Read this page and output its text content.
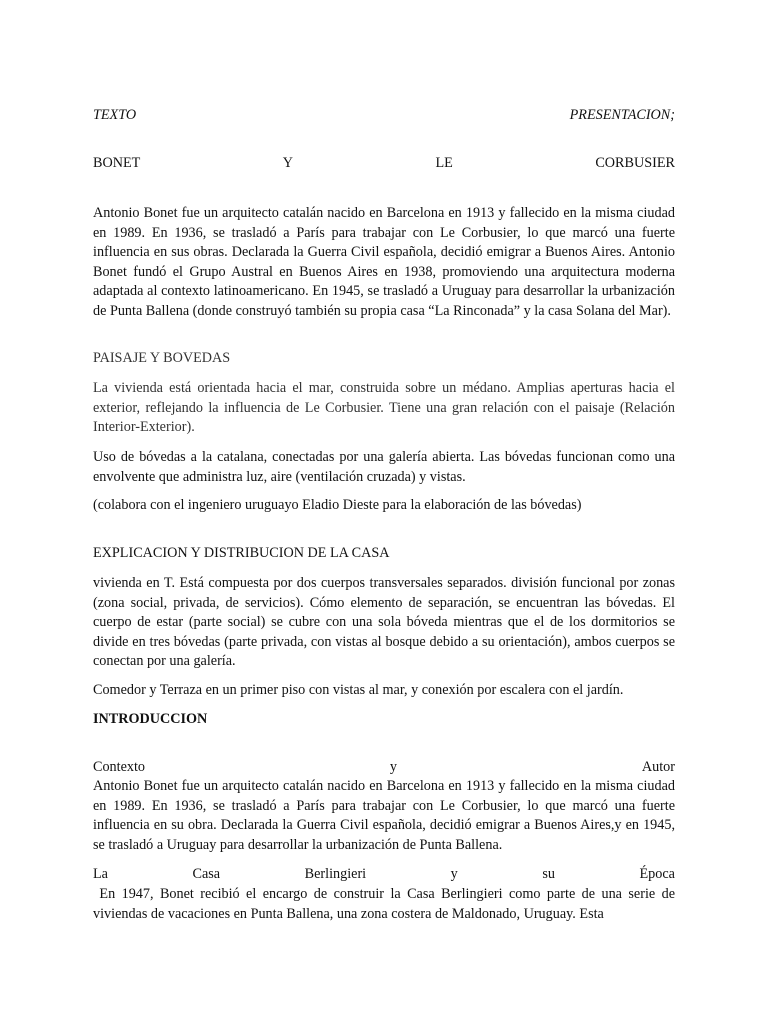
TEXTO	PRESENTACION;
BONET	Y	LE	CORBUSIER

Antonio Bonet fue un arquitecto catalán nacido en Barcelona en 1913 y fallecido en la misma ciudad en 1989. En 1936, se trasladó a París para trabajar con Le Corbusier, lo que marcó una fuerte influencia en sus obras. Declarada la Guerra Civil española, decidió emigrar a Buenos Aires. Antonio Bonet fundó el Grupo Austral en Buenos Aires en 1938, promoviendo una arquitectura moderna adaptada al contexto latinoamericano. En 1945, se trasladó a Uruguay para desarrollar la urbanización de Punta Ballena (donde construyó también su propia casa “La Rinconada” y la casa Solana del Mar).

PAISAJE Y BOVEDAS

La vivienda está orientada hacia el mar, construida sobre un médano. Amplias aperturas hacia el exterior, reflejando la influencia de Le Corbusier. Tiene una gran relación con el paisaje (Relación Interior-Exterior).

Uso de bóvedas a la catalana, conectadas por una galería abierta. Las bóvedas funcionan como una envolvente que administra luz, aire (ventilación cruzada) y vistas.

(colabora con el ingeniero uruguayo Eladio Dieste para la elaboración de las bóvedas)

EXPLICACION Y DISTRIBUCION DE LA CASA

vivienda en T. Está compuesta por dos cuerpos transversales separados. división funcional por zonas (zona social, privada, de servicios). Cómo elemento de separación, se encuentran las bóvedas. El cuerpo de estar (parte social) se cubre con una sola bóveda mientras que el de los dormitorios se divide en tres bóvedas (parte privada, con vistas al bosque debido a su orientación), ambos cuerpos se conectan por una galería.

Comedor y Terraza en un primer piso con vistas al mar, y conexión por escalera con el jardín.

INTRODUCCION

Contexto	y	Autor

Antonio Bonet fue un arquitecto catalán nacido en Barcelona en 1913 y fallecido en la misma ciudad en 1989. En 1936, se trasladó a París para trabajar con Le Corbusier, lo que marcó una fuerte influencia en su obra. Declarada la Guerra Civil española, decidió emigrar a Buenos Aires,y en 1945, se trasladó a Uruguay para desarrollar la urbanización de Punta Ballena.

La	Casa	Berlingieri	y	su	Época

En 1947, Bonet recibió el encargo de construir la Casa Berlingieri como parte de una serie de viviendas de vacaciones en Punta Ballena, una zona costera de Maldonado, Uruguay. Esta
